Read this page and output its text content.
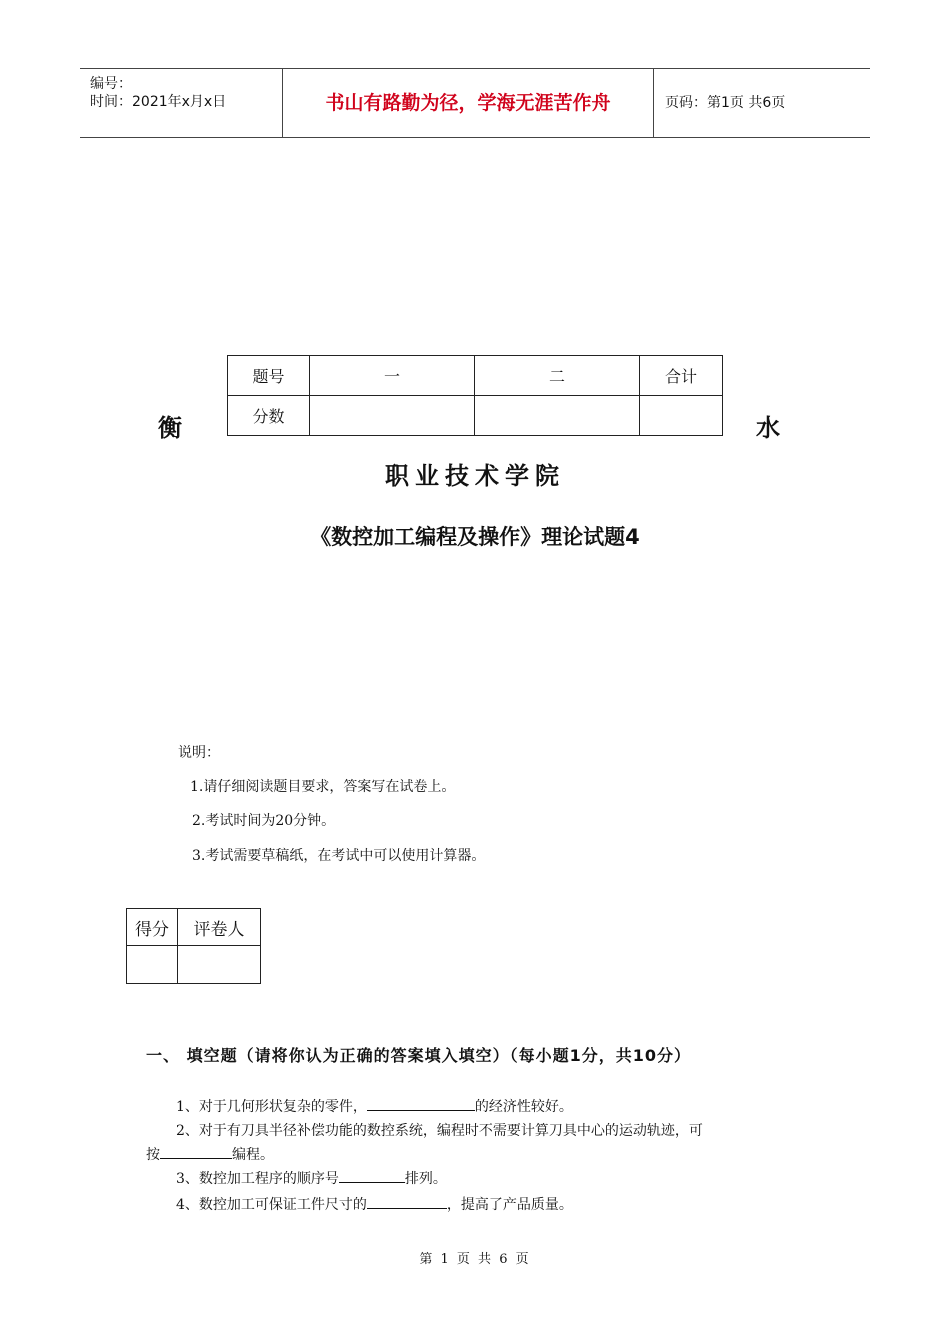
编号：
时间：2021年x月x日	书山有路勤为径，学海无涯苦作舟	页码：第1页 共6页
题号	一	二	合计
分数			
衡	水
职业技术学院
《数控加工编程及操作》理论试题4
说明：
1.请仔细阅读题目要求，答案写在试卷上。
2.考试时间为20分钟。
3.考试需要草稿纸，在考试中可以使用计算器。
得分	评卷人

一、 填空题（请将你认为正确的答案填入填空）（每小题1分，共10分）
1、对于几何形状复杂的零件，	的经济性较好。
2、对于有刀具半径补偿功能的数控系统，编程时不需要计算刀具中心的运动轨迹，可
按	编程。
3、数控加工程序的顺序号	排列。
4、数控加工可保证工件尺寸的	，提高了产品质量。
第 1 页 共 6 页
